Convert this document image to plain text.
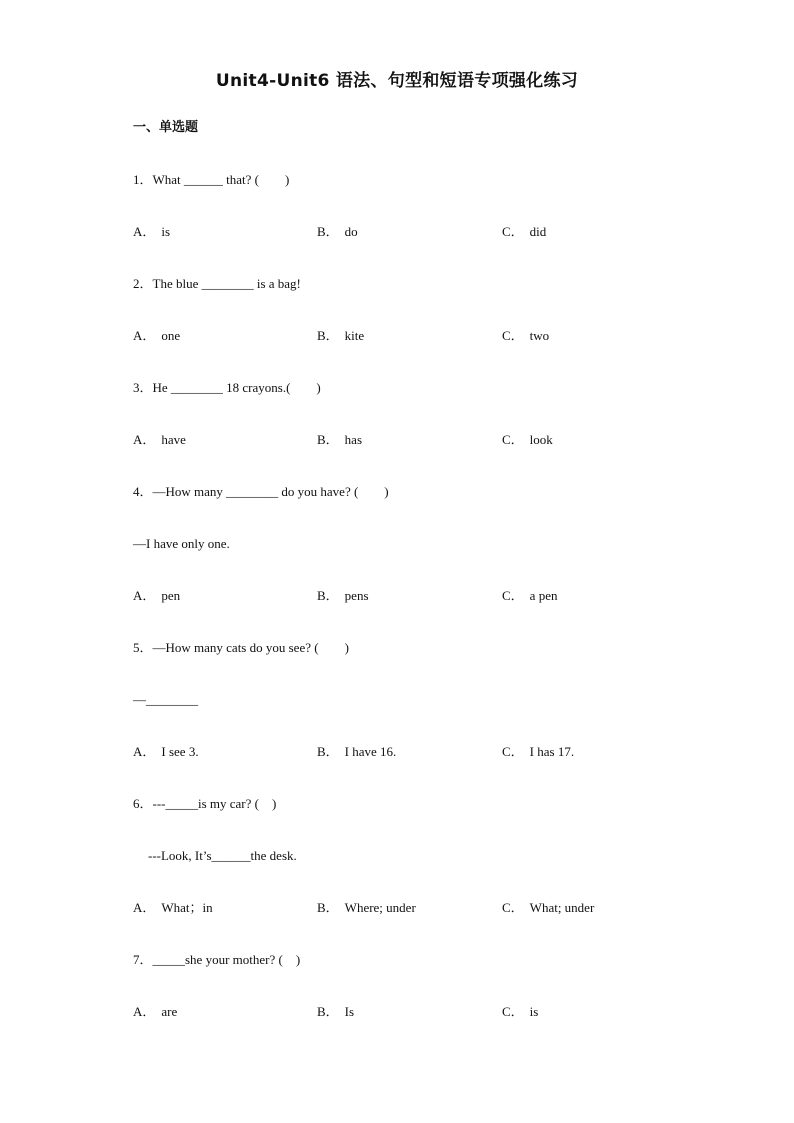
Unit4-Unit6 语法、句型和短语专项强化练习
一、单选题
1．What ______ that? (　　)
A． is	B． do	C． did
2．The blue ________ is a bag!
A． one	B． kite	C． two
3．He ________ 18 crayons.(　　)
A． have	B． has	C． look
4．—How many ________ do you have? (　　)
—I have only one.
A． pen	B． pens	C． a pen
5．—How many cats do you see? (　　)
—________
A． I see 3.	B． I have 16.	C． I has 17.
6．---_____is my car? (　)
---Look, It’s______the desk.
A． What；in	B． Where; under	C． What; under
7．_____she your mother? (　)
A． are	B． Is	C． is
